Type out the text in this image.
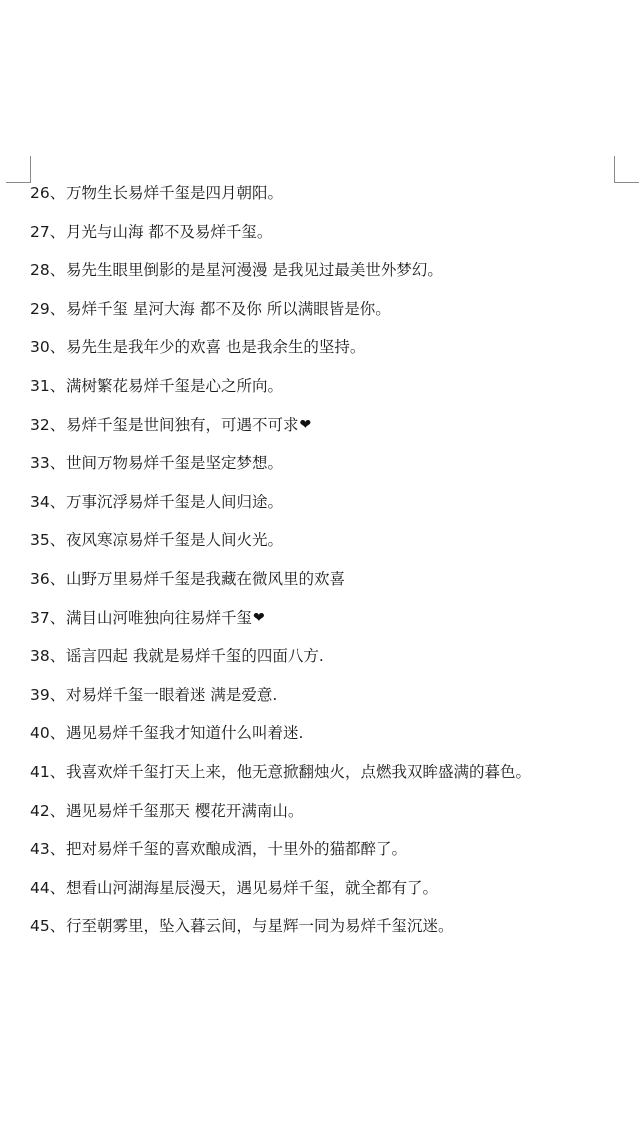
26、 万物生长易烊千玺是四月朝阳。
27、 月光与山海 都不及易烊千玺。
28、 易先生眼里倒影的是星河漫漫 是我见过最美世外梦幻。
29、 易烊千玺 星河大海 都不及你 所以满眼皆是你。
30、 易先生是我年少的欢喜 也是我余生的坚持。
31、 满树繁花易烊千玺是心之所向。
32、 易烊千玺是世间独有，可遇不可求 ❤
33、 世间万物易烊千玺是坚定梦想。
34、 万事沉浮易烊千玺是人间归途。
35、 夜风寒凉易烊千玺是人间火光。
36、 山野万里易烊千玺是我藏在微风里的欢喜
37、 满目山河唯独向往易烊千玺 ❤
38、 谣言四起 我就是易烊千玺的四面八方.
39、 对易烊千玺一眼着迷 满是爱意.
40、 遇见易烊千玺我才知道什么叫着迷.
41、 我喜欢烊千玺打天上来，他无意掀翻烛火，点燃我双眸盛满的暮色。
42、 遇见易烊千玺那天 樱花开满南山。
43、 把对易烊千玺的喜欢酿成酒，十里外的猫都醉了。
44、 想看山河湖海星辰漫天，遇见易烊千玺，就全都有了。
45、 行至朝雾里，坠入暮云间，与星辉一同为易烊千玺沉迷。
